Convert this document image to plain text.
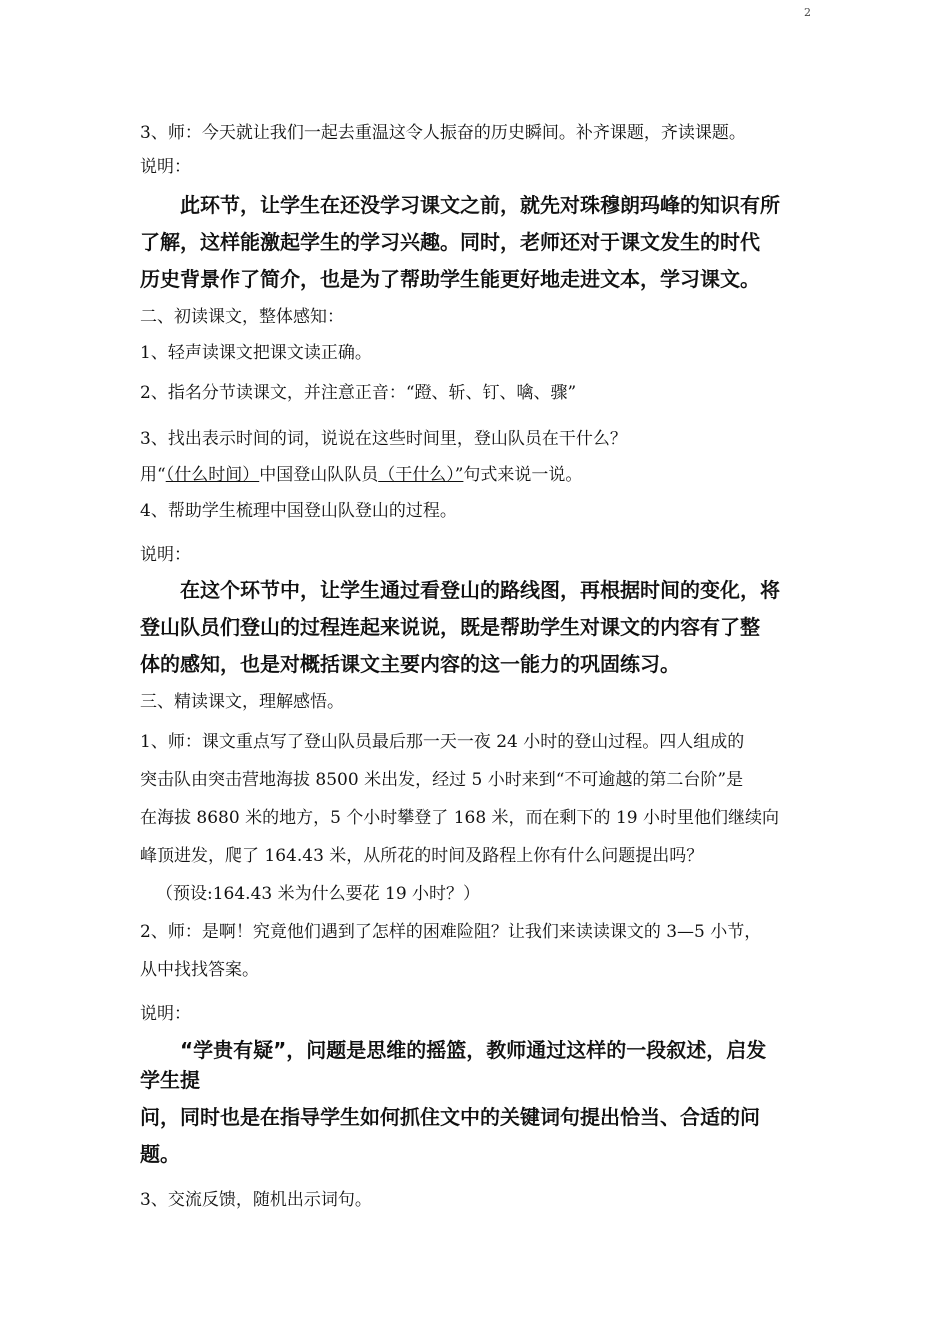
2
3、师：今天就让我们一起去重温这令人振奋的历史瞬间。补齐课题，齐读课题。
说明：
此环节，让学生在还没学习课文之前，就先对珠穆朗玛峰的知识有所
了解，这样能激起学生的学习兴趣。同时，老师还对于课文发生的时代
历史背景作了简介，也是为了帮助学生能更好地走进文本，学习课文。
二、初读课文，整体感知：
1、轻声读课文把课文读正确。
2、指名分节读课文，并注意正音：“蹬、斩、钉、噙、骤”
3、找出表示时间的词，说说在这些时间里，登山队员在干什么？
用“（什么时间）中国登山队队员（干什么）”句式来说一说。
4、帮助学生梳理中国登山队登山的过程。
说明：
在这个环节中，让学生通过看登山的路线图，再根据时间的变化，将
登山队员们登山的过程连起来说说，既是帮助学生对课文的内容有了整
体的感知，也是对概括课文主要内容的这一能力的巩固练习。
三、精读课文，理解感悟。
1、师：课文重点写了登山队员最后那一天一夜 24 小时的登山过程。四人组成的
突击队由突击营地海拔 8500 米出发，经过 5 小时来到“不可逾越的第二台阶”是
在海拔 8680 米的地方，5 个小时攀登了 168 米，而在剩下的 19 小时里他们继续向
峰顶进发，爬了 164.43 米，从所花的时间及路程上你有什么问题提出吗？
（预设:164.43 米为什么要花 19 小时？）
2、师：是啊！究竟他们遇到了怎样的困难险阻？让我们来读读课文的 3—5 小节，
从中找找答案。
说明：
“学贵有疑”，问题是思维的摇篮，教师通过这样的一段叙述，启发
学生提
问，同时也是在指导学生如何抓住文中的关键词句提出恰当、合适的问
题。
3、交流反馈，随机出示词句。
